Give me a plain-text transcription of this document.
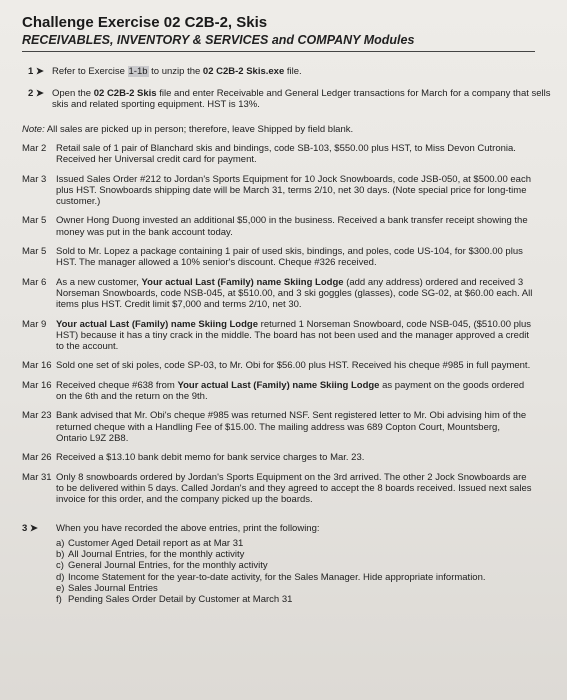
Challenge Exercise 02 C2B-2, Skis
RECEIVABLES, INVENTORY & SERVICES and COMPANY Modules
1 ➤ Refer to Exercise 1-1b to unzip the 02 C2B-2 Skis.exe file.
2 ➤ Open the 02 C2B-2 Skis file and enter Receivable and General Ledger transactions for March for a company that sells skis and related sporting equipment. HST is 13%.
Note: All sales are picked up in person; therefore, leave Shipped by field blank.
Mar 2	Retail sale of 1 pair of Blanchard skis and bindings, code SB-103, $550.00 plus HST, to Miss Devon Cutronia. Received her Universal credit card for payment.
Mar 3	Issued Sales Order #212 to Jordan's Sports Equipment for 10 Jock Snowboards, code JSB-050, at $500.00 each plus HST. Snowboards shipping date will be March 31, terms 2/10, net 30 days. (Note special price for long-time customer.)
Mar 5	Owner Hong Duong invested an additional $5,000 in the business. Received a bank transfer receipt showing the money was put in the bank account today.
Mar 5	Sold to Mr. Lopez a package containing 1 pair of used skis, bindings, and poles, code US-104, for $300.00 plus HST. The manager allowed a 10% senior's discount. Cheque #326 received.
Mar 6	As a new customer, Your actual Last (Family) name Skiing Lodge (add any address) ordered and received 3 Norseman Snowboards, code NSB-045, at $510.00, and 3 ski goggles (glasses), code SG-02, at $60.00 each. All items plus HST. Credit limit $7,000 and terms 2/10, net 30.
Mar 9	Your actual Last (Family) name Skiing Lodge returned 1 Norseman Snowboard, code NSB-045, ($510.00 plus HST) because it has a tiny crack in the middle. The board has not been used and the manager approved a credit to the account.
Mar 16 Sold one set of ski poles, code SP-03, to Mr. Obi for $56.00 plus HST. Received his cheque #985 in full payment.
Mar 16 Received cheque #638 from Your actual Last (Family) name Skiing Lodge as payment on the goods ordered on the 6th and the return on the 9th.
Mar 23 Bank advised that Mr. Obi's cheque #985 was returned NSF. Sent registered letter to Mr. Obi advising him of the returned cheque with a Handling Fee of $15.00. The mailing address was 689 Copton Court, Mountsberg, Ontario L9Z 2B8.
Mar 26 Received a $13.10 bank debit memo for bank service charges to Mar. 23.
Mar 31 Only 8 snowboards ordered by Jordan's Sports Equipment on the 3rd arrived. The other 2 Jock Snowboards are to be delivered within 5 days. Called Jordan's and they agreed to accept the 8 boards received. Issued next sales invoice for this order, and the company picked up the boards.
3 ➤	When you have recorded the above entries, print the following:
a) Customer Aged Detail report as at Mar 31
b) All Journal Entries, for the monthly activity
c) General Journal Entries, for the monthly activity
d) Income Statement for the year-to-date activity, for the Sales Manager. Hide appropriate information.
e) Sales Journal Entries
f) Pending Sales Order Detail by Customer at March 31
